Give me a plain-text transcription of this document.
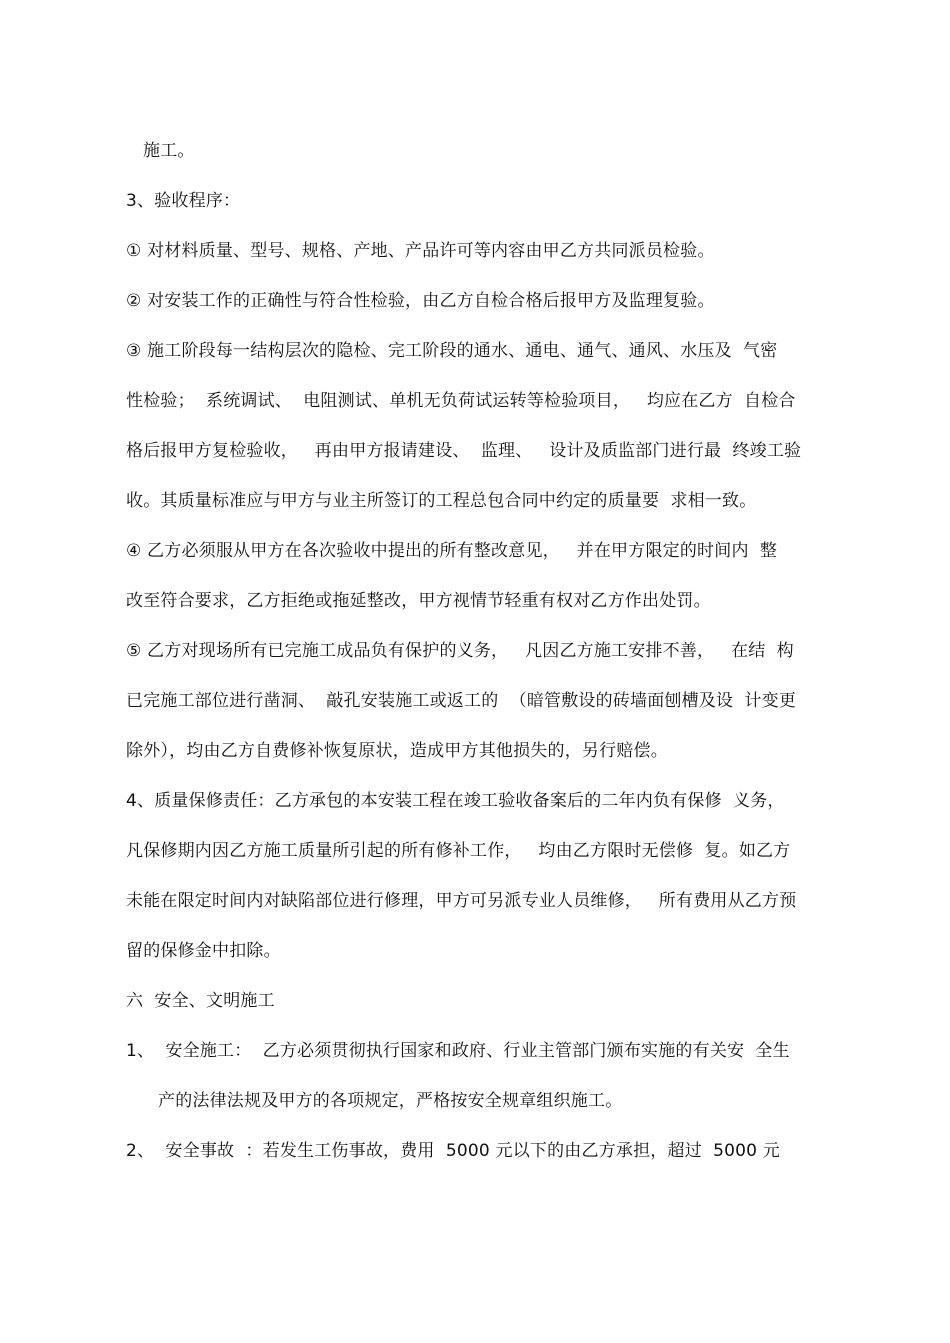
施工。
3、验收程序：
① 对材料质量、型号、规格、产地、产品许可等内容由甲乙方共同派员检验。
② 对安装工作的正确性与符合性检验，由乙方自检合格后报甲方及监理复验。
③ 施工阶段每一结构层次的隐检、完工阶段的通水、通电、通气、通风、水压及  气密
性检验；  系统调试、  电阻测试、单机无负荷试运转等检验项目，   均应在乙方  自检合
格后报甲方复检验收，   再由甲方报请建设、  监理、   设计及质监部门进行最  终竣工验
收。其质量标准应与甲方与业主所签订的工程总包合同中约定的质量要  求相一致。
④ 乙方必须服从甲方在各次验收中提出的所有整改意见，   并在甲方限定的时间内  整
改至符合要求，乙方拒绝或拖延整改，甲方视情节轻重有权对乙方作出处罚。
⑤ 乙方对现场所有已完施工成品负有保护的义务，   凡因乙方施工安排不善，   在结  构
已完施工部位进行凿洞、  敲孔安装施工或返工的  （暗管敷设的砖墙面刨槽及设  计变更
除外），均由乙方自费修补恢复原状，造成甲方其他损失的，另行赔偿。
4、质量保修责任：乙方承包的本安装工程在竣工验收备案后的二年内负有保修  义务，
凡保修期内因乙方施工质量所引起的所有修补工作，   均由乙方限时无偿修  复。如乙方
未能在限定时间内对缺陷部位进行修理，甲方可另派专业人员维修，   所有费用从乙方预
留的保修金中扣除。
六  安全、文明施工
1、  安全施工：  乙方必须贯彻执行国家和政府、行业主管部门颁布实施的有关安  全生
产的法律法规及甲方的各项规定，严格按安全规章组织施工。
2、  安全事故  ：若发生工伤事故，费用  5000 元以下的由乙方承担，超过  5000 元
